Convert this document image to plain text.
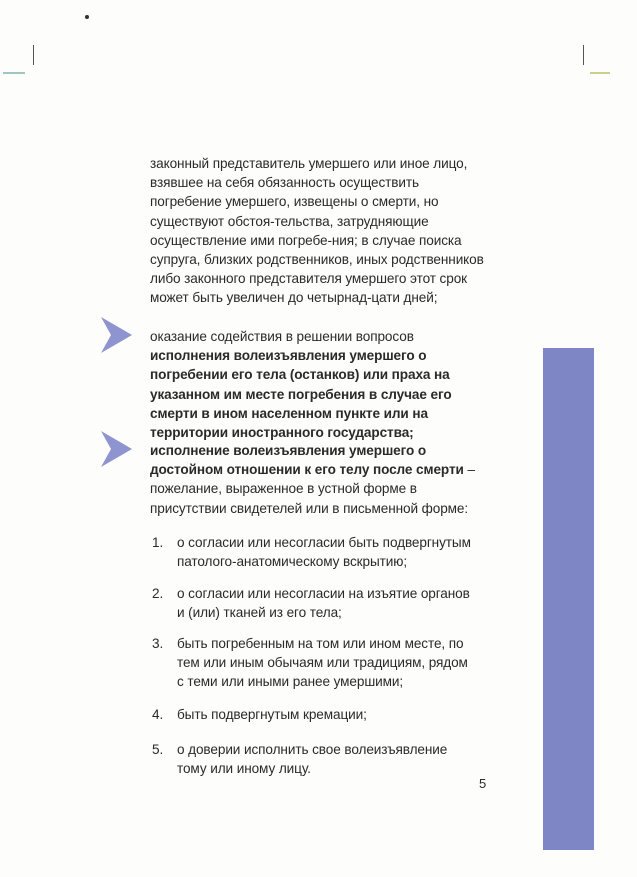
законный представитель умершего или иное лицо, взявшее на себя обязанность осуществить погребение умершего, извещены о смерти, но существуют обстоя-тельства, затрудняющие осуществление ими погребе-ния; в случае поиска супруга, близких родственников, иных родственников либо законного представителя умершего этот срок может быть увеличен до четырнад-цати дней;
оказание содействия в решении вопросов исполнения волеизъявления умершего о погребении его тела (останков) или праха на указанном им месте погребения в случае его смерти в ином населенном пункте или на территории иностранного государства;
исполнение волеизъявления умершего о достойном отношении к его телу после смерти – пожелание, выраженное в устной форме в присутствии свидетелей или в письменной форме:
1.	о согласии или несогласии быть подвергнутым патолого-анатомическому вскрытию;
2.	о согласии или несогласии на изъятие органов и (или) тканей из его тела;
3.	быть погребенным на том или ином месте, по тем или иным обычаям или традициям, рядом с теми или иными ранее умершими;
4.	быть подвергнутым кремации;
5.	о доверии исполнить свое волеизъявление тому или иному лицу.
5
